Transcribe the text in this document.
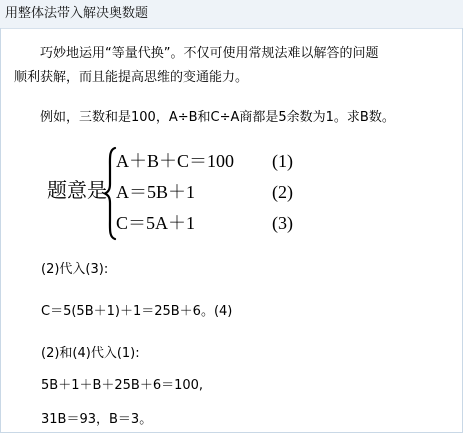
用整体法带入解决奥数题
巧妙地运用“等量代换”。不仅可使用常规法难以解答的问题
顺利获解，而且能提高思维的变通能力。
例如，三数和是100，A÷B和C÷A商都是5余数为1。求B数。
题意是
A＋B＋C＝100
A＝5B＋1
C＝5A＋1
(1)
(2)
(3)
(2)代入(3):
C＝5(5B＋1)＋1＝25B＋6。(4)
(2)和(4)代入(1):
5B＋1＋B＋25B＋6＝100,
31B＝93，B＝3。
